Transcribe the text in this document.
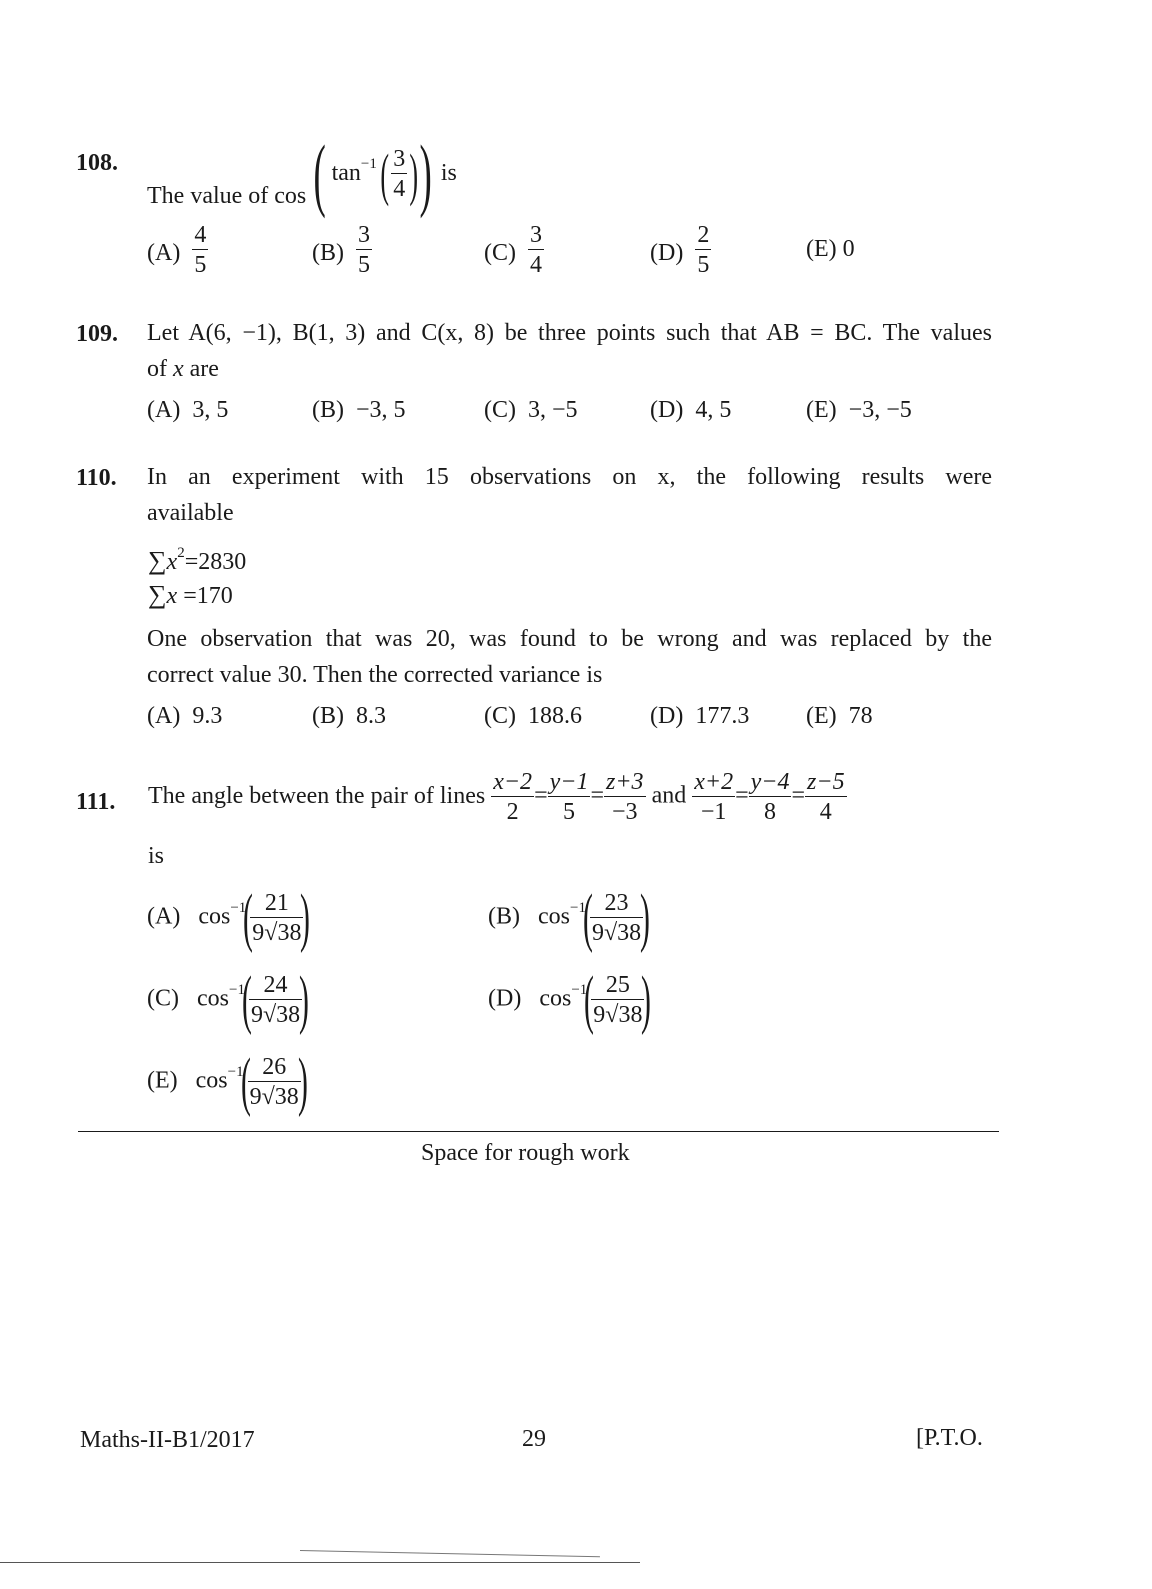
108.
The value of cos ( $\tan^{-1}$ ( $\frac{3}{4}$ ) ) is
$(A) \frac{4}{5}$	$(B) \frac{3}{5}$	$(C) \frac{3}{4}$	$(D) \frac{2}{5}$	(E) 0
109. Let A(6, −1), B(1, 3) and C(x, 8) be three points such that AB = BC. The values
of x are
(A) 3, 5	(B) −3, 5	(C) 3, −5	(D) 4, 5	(E) −3, −5
110. In an experiment with 15 observations on x, the following results were
available
$\sum x^2=2830$
∑x =170
One observation that was 20, was found to be wrong and was replaced by the
correct value 30. Then the corrected variance is
(A) 9.3	(B) 8.3	(C) 188.6	(D) 177.3 (E) 78
111. The angle between the pair of lines $\frac{x-2}{2} = \frac{y-1}{5} = \frac{z+3}{-3}$ and $\frac{x+2}{-1} = \frac{y-4}{8} = \frac{z-5}{4}$
is
(A) $\cos^{-1}$(
$\frac{21}{9√38}$
)	(B) $\cos^{-1}$(
$\frac{23}{9√38}$
)
(C) $\cos^{-1}$(
$\frac{24}{9√38}$
)	(D) $\cos^{-1}$(
$\frac{25}{9√38}$
)
(E) $\cos^{-1}$(
$\frac{26}{9√38}$
)
Space for rough work
Maths-II-B1/2017	29	[P.T.O.
